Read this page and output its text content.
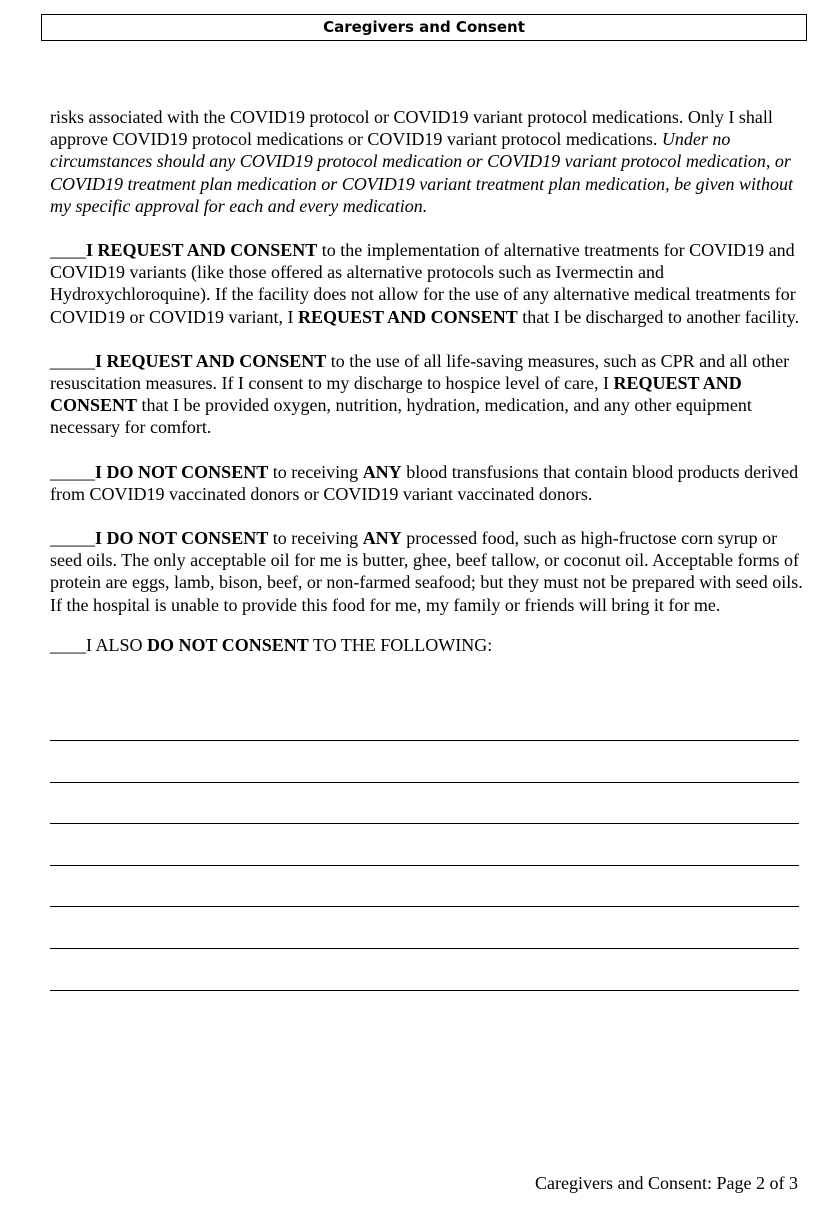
Caregivers and Consent

risks associated with the COVID19 protocol or COVID19 variant protocol medications. Only I shall approve COVID19 protocol medications or COVID19 variant protocol medications. Under no circumstances should any COVID19 protocol medication or COVID19 variant protocol medication, or COVID19 treatment plan medication or COVID19 variant treatment plan medication, be given without my specific approval for each and every medication.

____I REQUEST AND CONSENT to the implementation of alternative treatments for COVID19 and COVID19 variants (like those offered as alternative protocols such as Ivermectin and Hydroxychloroquine). If the facility does not allow for the use of any alternative medical treatments for COVID19 or COVID19 variant, I REQUEST AND CONSENT that I be discharged to another facility.

_____I REQUEST AND CONSENT to the use of all life-saving measures, such as CPR and all other resuscitation measures. If I consent to my discharge to hospice level of care, I REQUEST AND CONSENT that I be provided oxygen, nutrition, hydration, medication, and any other equipment necessary for comfort.

_____I DO NOT CONSENT to receiving ANY blood transfusions that contain blood products derived from COVID19 vaccinated donors or COVID19 variant vaccinated donors.

_____I DO NOT CONSENT to receiving ANY processed food, such as high-fructose corn syrup or seed oils. The only acceptable oil for me is butter, ghee, beef tallow, or coconut oil. Acceptable forms of protein are eggs, lamb, bison, beef, or non-farmed seafood; but they must not be prepared with seed oils. If the hospital is unable to provide this food for me, my family or friends will bring it for me.

____I ALSO DO NOT CONSENT TO THE FOLLOWING:

Caregivers and Consent: Page 2 of 3
